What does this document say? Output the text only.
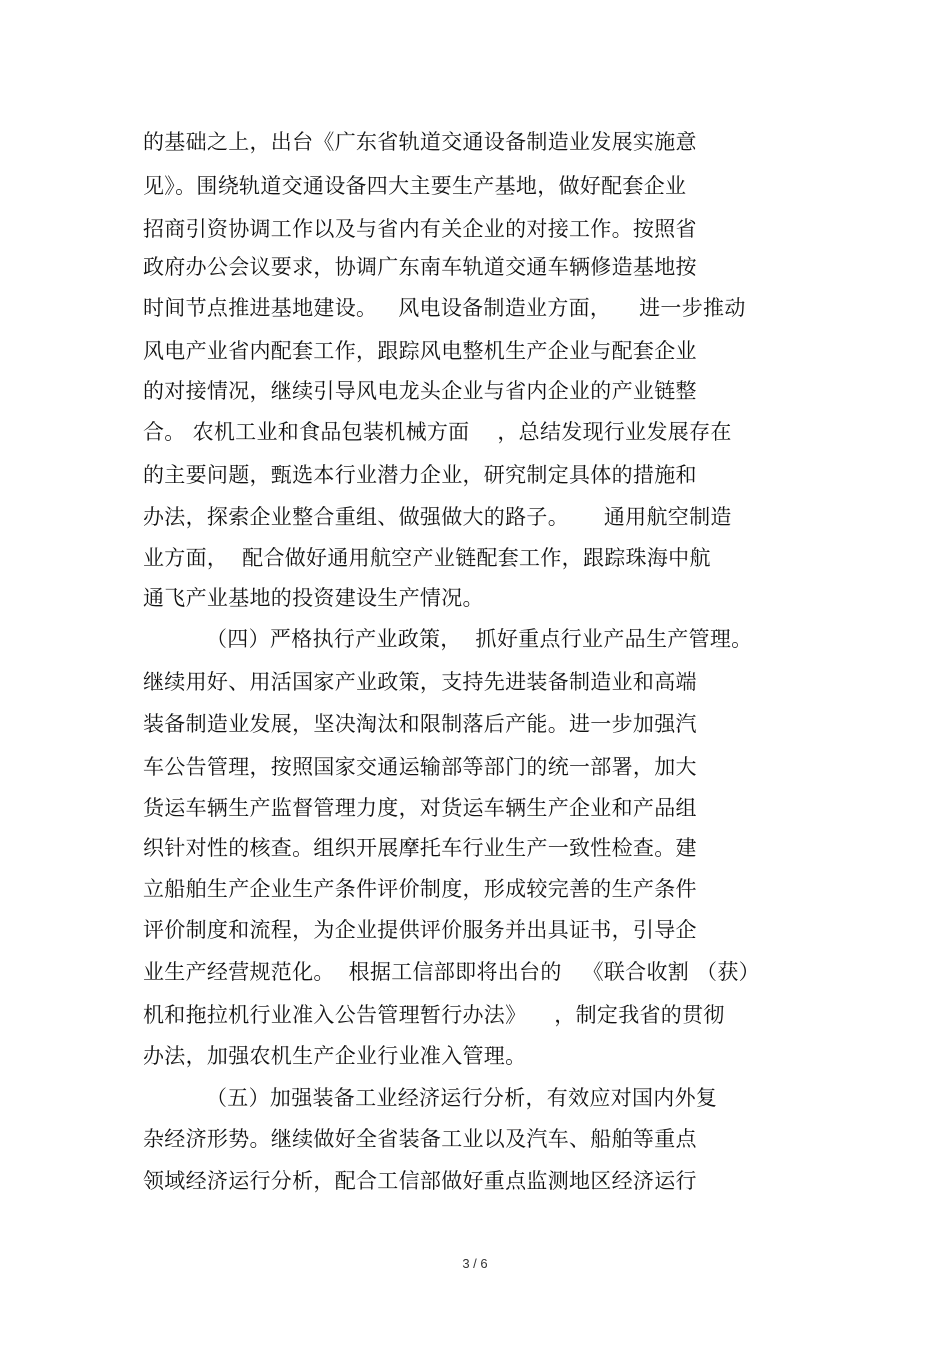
的基础之上，出台《广东省轨道交通设备制造业发展实施意
见》。围绕轨道交通设备四大主要生产基地，做好配套企业
招商引资协调工作以及与省内有关企业的对接工作。按照省
政府办公会议要求，协调广东南车轨道交通车辆修造基地按
时间节点推进基地建设。   风电设备制造业方面，    进一步推动
风电产业省内配套工作，跟踪风电整机生产企业与配套企业
的对接情况，继续引导风电龙头企业与省内企业的产业链整
合。 农机工业和食品包装机械方面    ，总结发现行业发展存在
的主要问题，甄选本行业潜力企业，研究制定具体的措施和
办法，探索企业整合重组、做强做大的路子。     通用航空制造
业方面，  配合做好通用航空产业链配套工作，跟踪珠海中航
通飞产业基地的投资建设生产情况。
（四）严格执行产业政策，  抓好重点行业产品生产管理。
继续用好、用活国家产业政策，支持先进装备制造业和高端
装备制造业发展，坚决淘汰和限制落后产能。进一步加强汽
车公告管理，按照国家交通运输部等部门的统一部署，加大
货运车辆生产监督管理力度，对货运车辆生产企业和产品组
织针对性的核查。组织开展摩托车行业生产一致性检查。建
立船舶生产企业生产条件评价制度，形成较完善的生产条件
评价制度和流程，为企业提供评价服务并出具证书，引导企
业生产经营规范化。  根据工信部即将出台的   《联合收割 （获）
机和拖拉机行业准入公告管理暂行办法》    ，制定我省的贯彻
办法，加强农机生产企业行业准入管理。
（五）加强装备工业经济运行分析，有效应对国内外复
杂经济形势。继续做好全省装备工业以及汽车、船舶等重点
领域经济运行分析，配合工信部做好重点监测地区经济运行
3 / 6
